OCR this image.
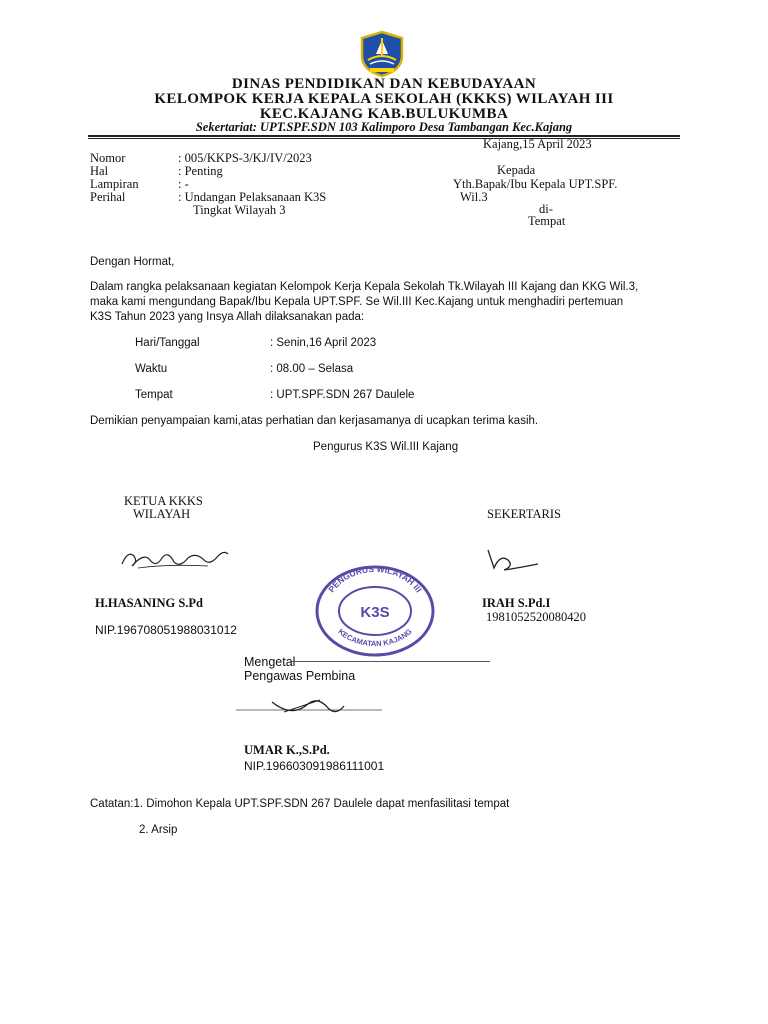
DINAS PENDIDIKAN DAN KEBUDAYAAN
KELOMPOK KERJA KEPALA SEKOLAH (KKKS) WILAYAH III
KEC.KAJANG KAB.BULUKUMBA
Sekertariat: UPT.SPF.SDN 103 Kalimporo Desa Tambangan Kec.Kajang
Kajang,15 April 2023
Nomor	: 005/KKPS-3/KJ/IV/2023
Hal	: Penting
Lampiran	: -
Perihal	: Undangan Pelaksanaan K3S
Tingkat Wilayah 3
Kepada
Yth.Bapak/Ibu Kepala UPT.SPF.
Wil.3
di-
Tempat
Dengan Hormat,
Dalam rangka pelaksanaan kegiatan Kelompok Kerja Kepala Sekolah Tk.Wilayah III Kajang dan KKG Wil.3,
maka kami mengundang Bapak/Ibu Kepala UPT.SPF. Se Wil.III Kec.Kajang untuk menghadiri pertemuan
K3S Tahun 2023 yang Insya Allah dilaksanakan pada:
Hari/Tanggal	: Senin,16 April 2023
Waktu	: 08.00 – Selasa
Tempat	: UPT.SPF.SDN 267 Daulele
Demikian penyampaian kami,atas perhatian dan kerjasamanya di ucapkan terima kasih.
Pengurus K3S Wil.III Kajang
KETUA KKKS
WILAYAH	SEKERTARIS
H.HASANING S.Pd
NIP.196708051988031012
IRAH S.Pd.I
1981052520080420
PENGURUS WILAYAH III
K3S
KECAMATAN KAJANG
Mengetal
Pengawas Pembina
UMAR K.,S.Pd.
NIP.196603091986111001
Catatan:1. Dimohon Kepala UPT.SPF.SDN 267 Daulele dapat menfasilitasi tempat
2. Arsip
